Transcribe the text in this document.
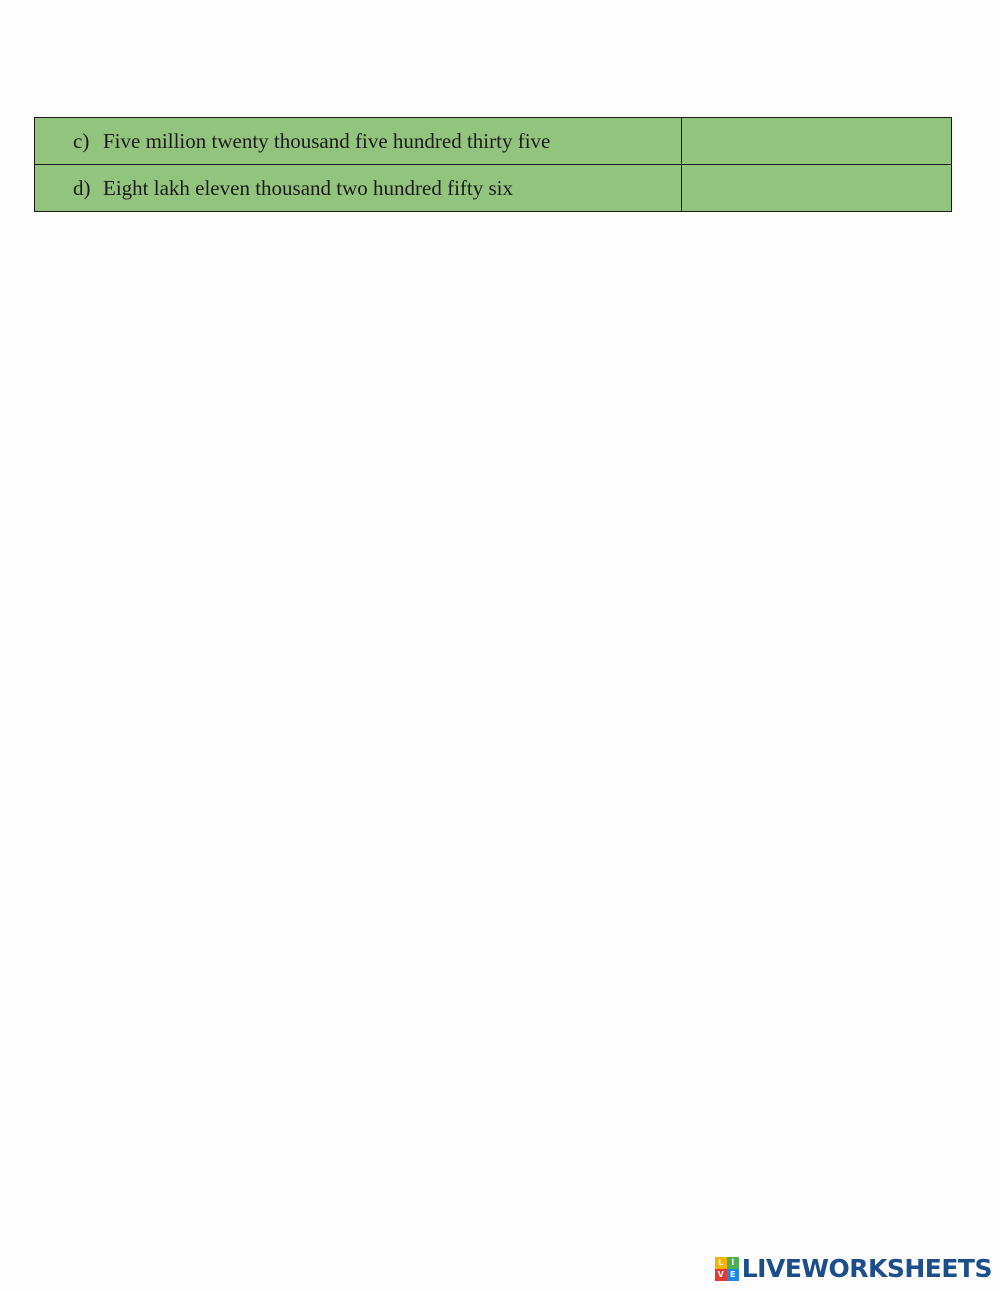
c) Five million twenty thousand five hundred thirty five	
d) Eight lakh eleven thousand two hundred fifty six	
L I
V E LIVEWORKSHEETS
